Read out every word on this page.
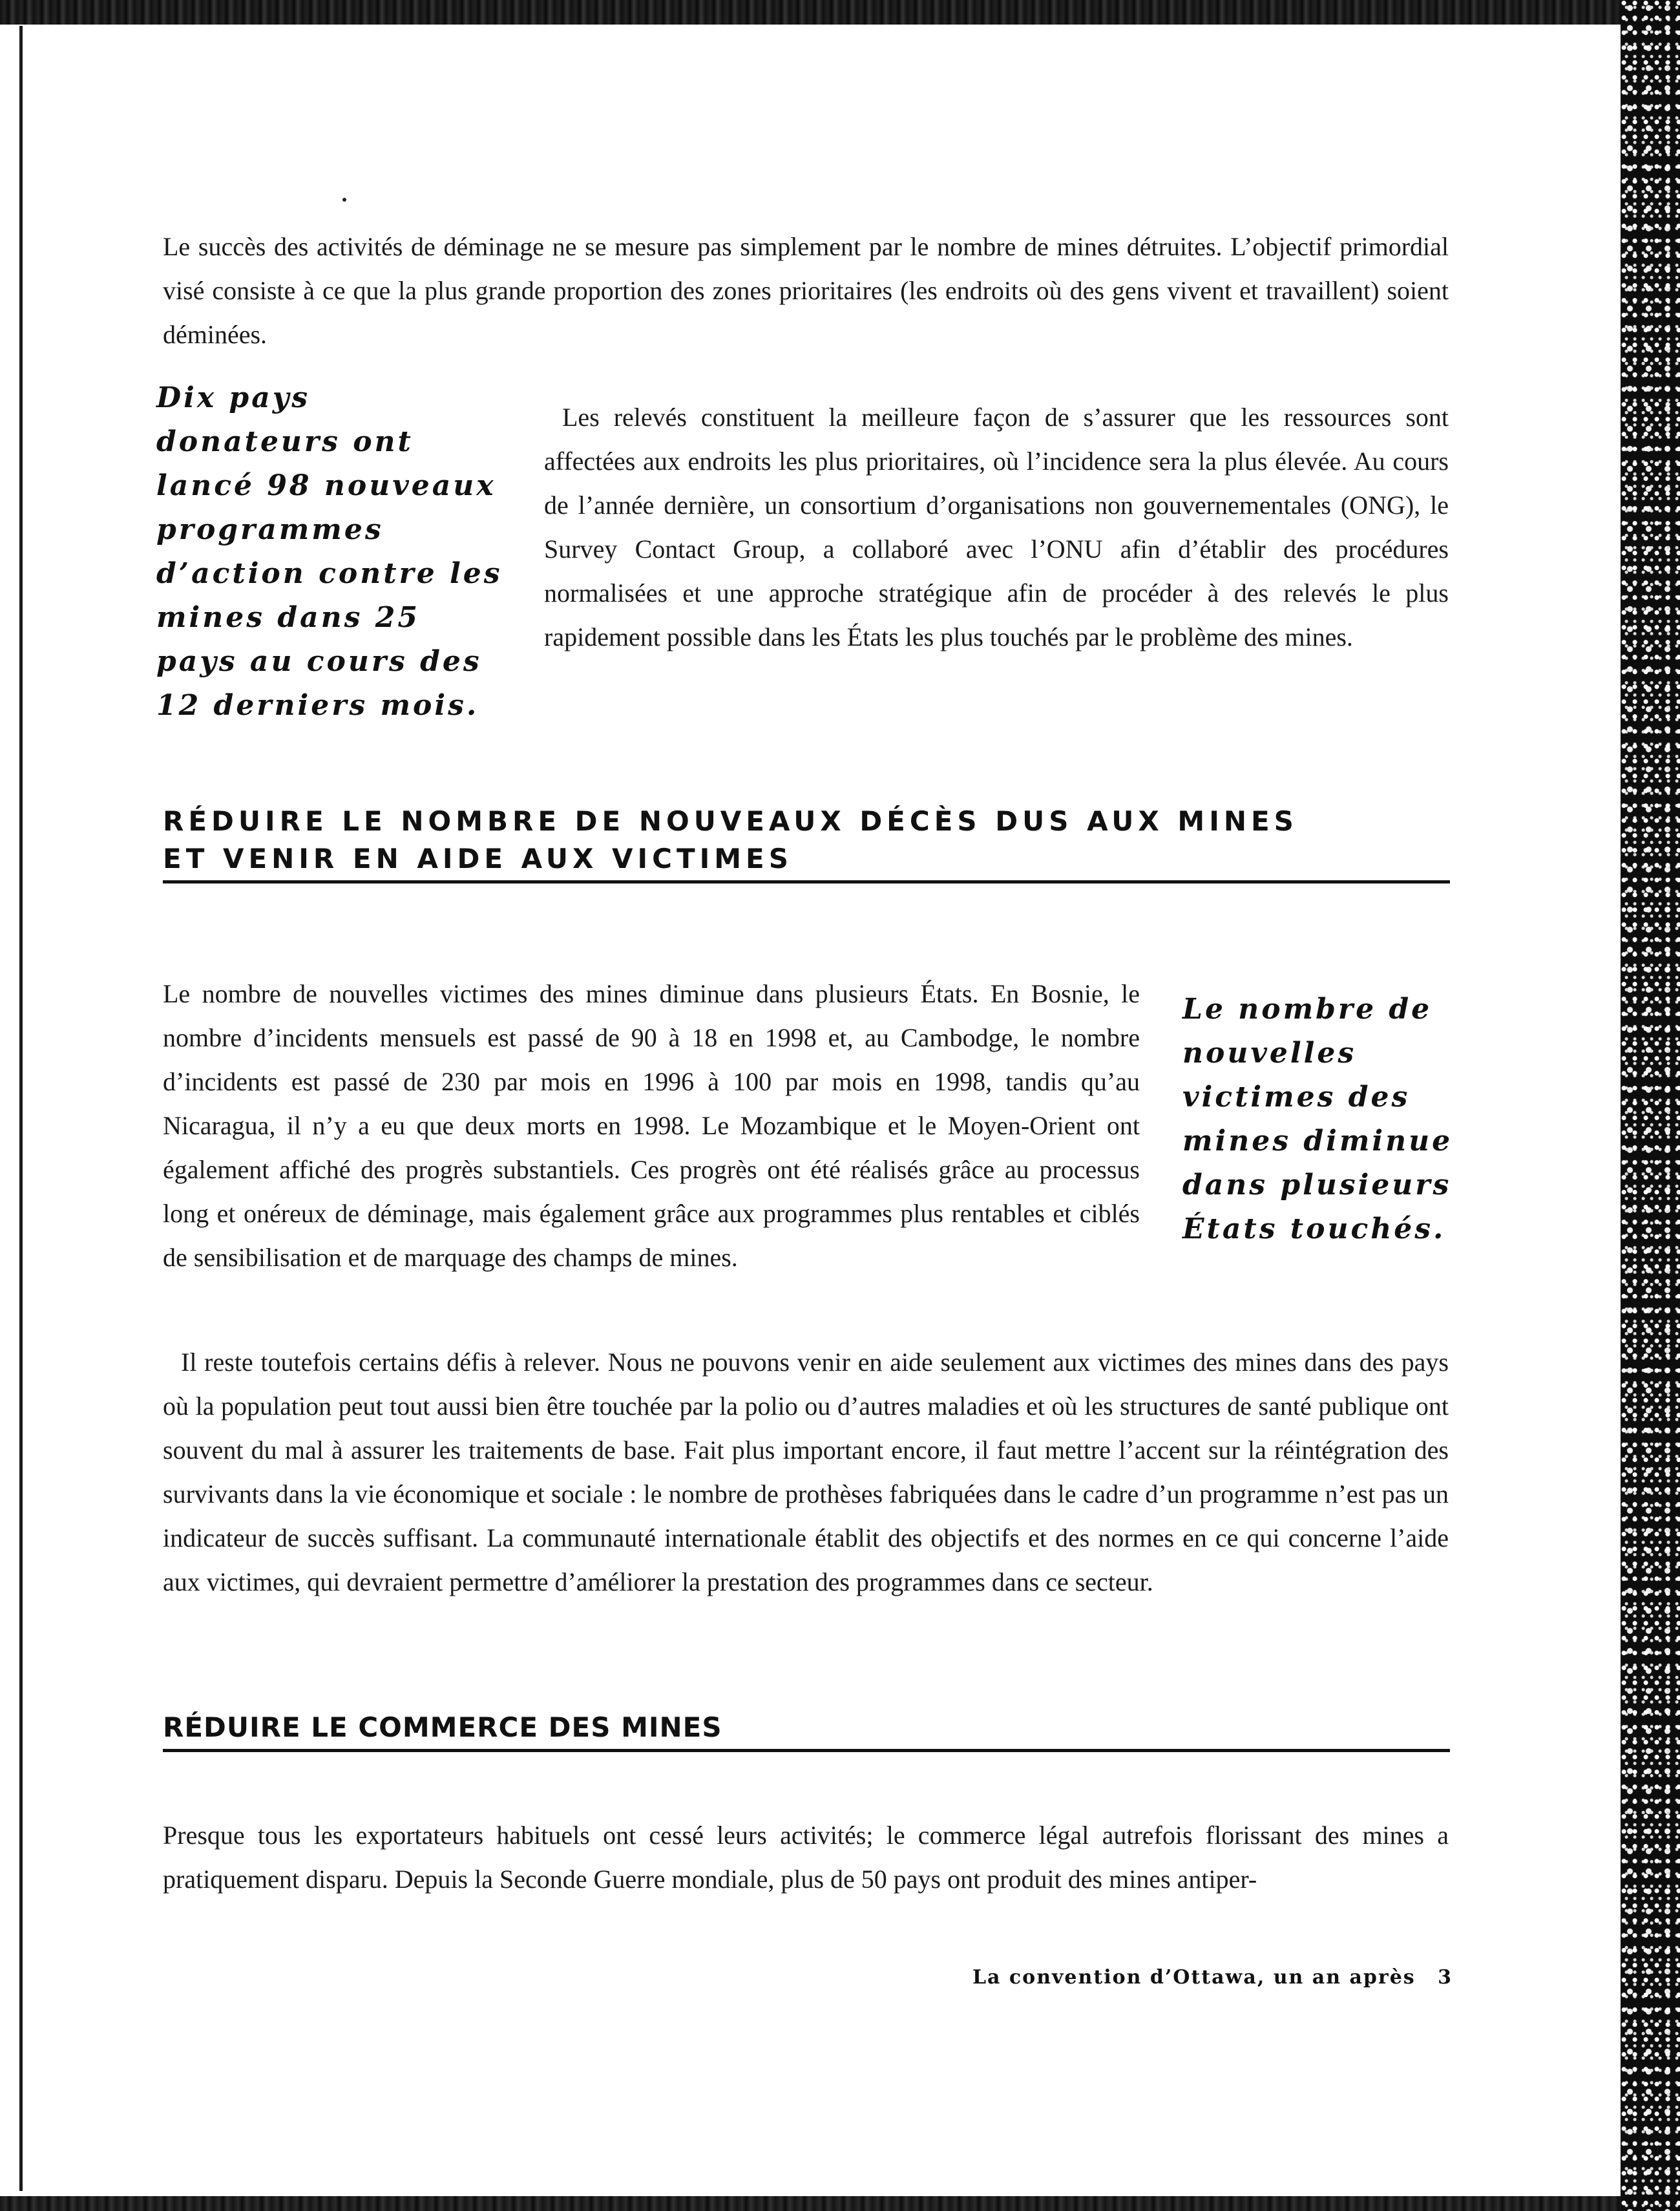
Le succès des activités de déminage ne se mesure pas simplement par le nombre de mines détruites. L’objectif primordial visé consiste à ce que la plus grande proportion des zones prioritaires (les endroits où des gens vivent et travaillent) soient déminées.

Dix pays donateurs ont lancé 98 nouveaux programmes d’action contre les mines dans 25 pays au cours des 12 derniers mois.

Les relevés constituent la meilleure façon de s’assurer que les ressources sont affectées aux endroits les plus prioritaires, où l’incidence sera la plus élevée. Au cours de l’année dernière, un consortium d’organisations non gouvernementales (ONG), le Survey Contact Group, a collaboré avec l’ONU afin d’établir des procédures normalisées et une approche stratégique afin de procéder à des relevés le plus rapidement possible dans les États les plus touchés par le problème des mines.

RÉDUIRE LE NOMBRE DE NOUVEAUX DÉCÈS DUS AUX MINES
ET VENIR EN AIDE AUX VICTIMES

Le nombre de nouvelles victimes des mines diminue dans plusieurs États. En Bosnie, le nombre d’incidents mensuels est passé de 90 à 18 en 1998 et, au Cambodge, le nombre d’incidents est passé de 230 par mois en 1996 à 100 par mois en 1998, tandis qu’au Nicaragua, il n’y a eu que deux morts en 1998. Le Mozambique et le Moyen-Orient ont également affiché des progrès substantiels. Ces progrès ont été réalisés grâce au processus long et onéreux de déminage, mais également grâce aux programmes plus rentables et ciblés de sensibilisation et de marquage des champs de mines.

Le nombre de nouvelles victimes des mines diminue dans plusieurs États touchés.

Il reste toutefois certains défis à relever. Nous ne pouvons venir en aide seulement aux victimes des mines dans des pays où la population peut tout aussi bien être touchée par la polio ou d’autres maladies et où les structures de santé publique ont souvent du mal à assurer les traitements de base. Fait plus important encore, il faut mettre l’accent sur la réintégration des survivants dans la vie économique et sociale : le nombre de prothèses fabriquées dans le cadre d’un programme n’est pas un indicateur de succès suffisant. La communauté internationale établit des objectifs et des normes en ce qui concerne l’aide aux victimes, qui devraient permettre d’améliorer la prestation des programmes dans ce secteur.

RÉDUIRE LE COMMERCE DES MINES

Presque tous les exportateurs habituels ont cessé leurs activités; le commerce légal autrefois florissant des mines a pratiquement disparu. Depuis la Seconde Guerre mondiale, plus de 50 pays ont produit des mines antiper-

La convention d’Ottawa, un an après 3
